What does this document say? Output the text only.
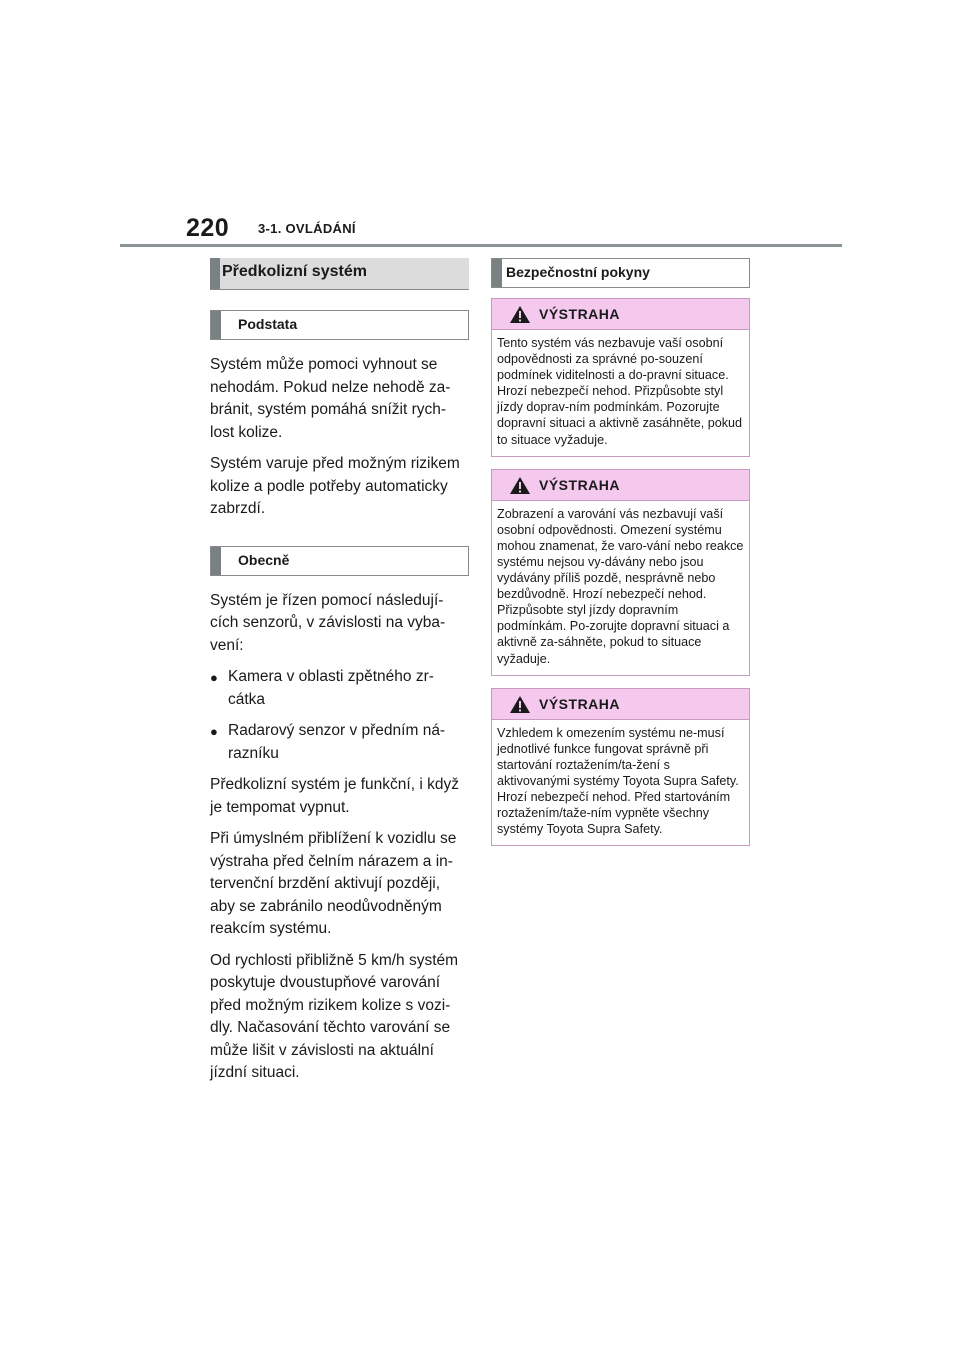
220 3-1. OVLÁDÁNÍ
Předkolizní systém
Podstata

Systém může pomoci vyhnout se nehodám. Pokud nelze nehodě za-bránit, systém pomáhá snížit rych-lost kolize.

Systém varuje před možným rizikem kolize a podle potřeby automaticky zabrzdí.

Obecně

Systém je řízen pomocí následují-cích senzorů, v závislosti na vyba-vení:

● Kamera v oblasti zpětného zr-cátka
● Radarový senzor v předním ná-razníku

Předkolizní systém je funkční, i když je tempomat vypnut.

Při úmyslném přiblížení k vozidlu se výstraha před čelním nárazem a in-tervenční brzdění aktivují později, aby se zabránilo neodůvodněným reakcím systému.

Od rychlosti přibližně 5 km/h systém poskytuje dvoustupňové varování před možným rizikem kolize s vozi-dly. Načasování těchto varování se může lišit v závislosti na aktuální jízdní situaci.

Bezpečnostní pokyny
VÝSTRAHA
Tento systém vás nezbavuje vaší osobní odpovědnosti za správné po-souzení podmínek viditelnosti a do-pravní situace. Hrozí nebezpečí nehod. Přizpůsobte styl jízdy doprav-ním podmínkám. Pozorujte dopravní situaci a aktivně zasáhněte, pokud to situace vyžaduje.
VÝSTRAHA
Zobrazení a varování vás nezbavují vaší osobní odpovědnosti. Omezení systému mohou znamenat, že varo-vání nebo reakce systému nejsou vy-dávány nebo jsou vydávány příliš pozdě, nesprávně nebo bezdůvodně. Hrozí nebezpečí nehod. Přizpůsobte styl jízdy dopravním podmínkám. Po-zorujte dopravní situaci a aktivně za-sáhněte, pokud to situace vyžaduje.
VÝSTRAHA
Vzhledem k omezením systému ne-musí jednotlivé funkce fungovat správně při startování roztažením/ta-žení s aktivovanými systémy Toyota Supra Safety. Hrozí nebezpečí nehod. Před startováním roztažením/taže-ním vypněte všechny systémy Toyota Supra Safety.
